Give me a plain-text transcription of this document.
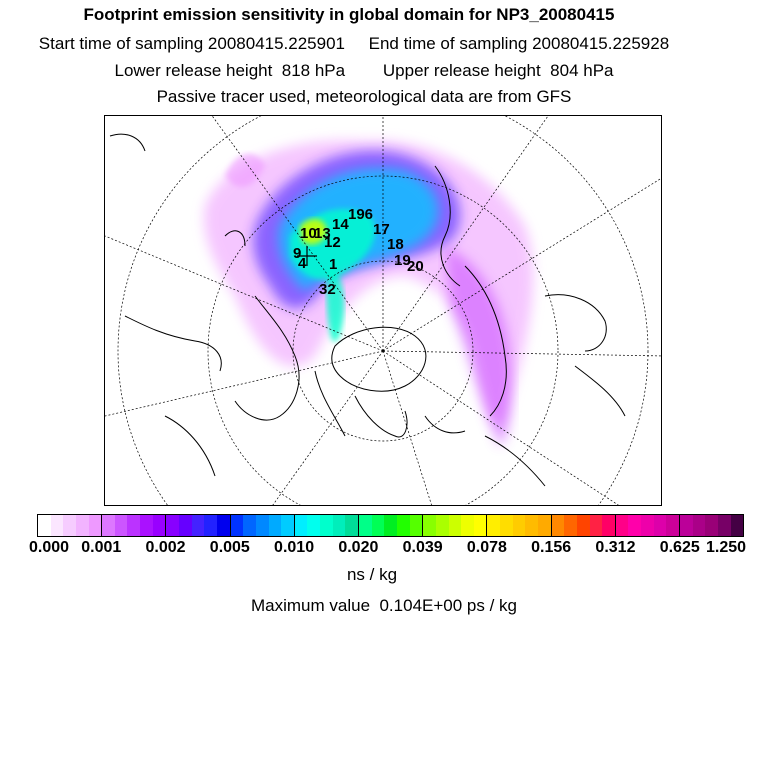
Footprint emission sensitivity in global domain for NP3_20080415
Start time of sampling 20080415.225901     End time of sampling 20080415.225928
Lower release height  818 hPa        Upper release height  804 hPa
Passive tracer used, meteorological data are from GFS
196
14
10
13
12
17
18
19
20
9
4 1
32
0.000 0.001 0.002 0.005 0.010 0.020 0.039 0.078 0.156 0.312 0.625 1.250
ns / kg
Maximum value  0.104E+00 ps / kg
